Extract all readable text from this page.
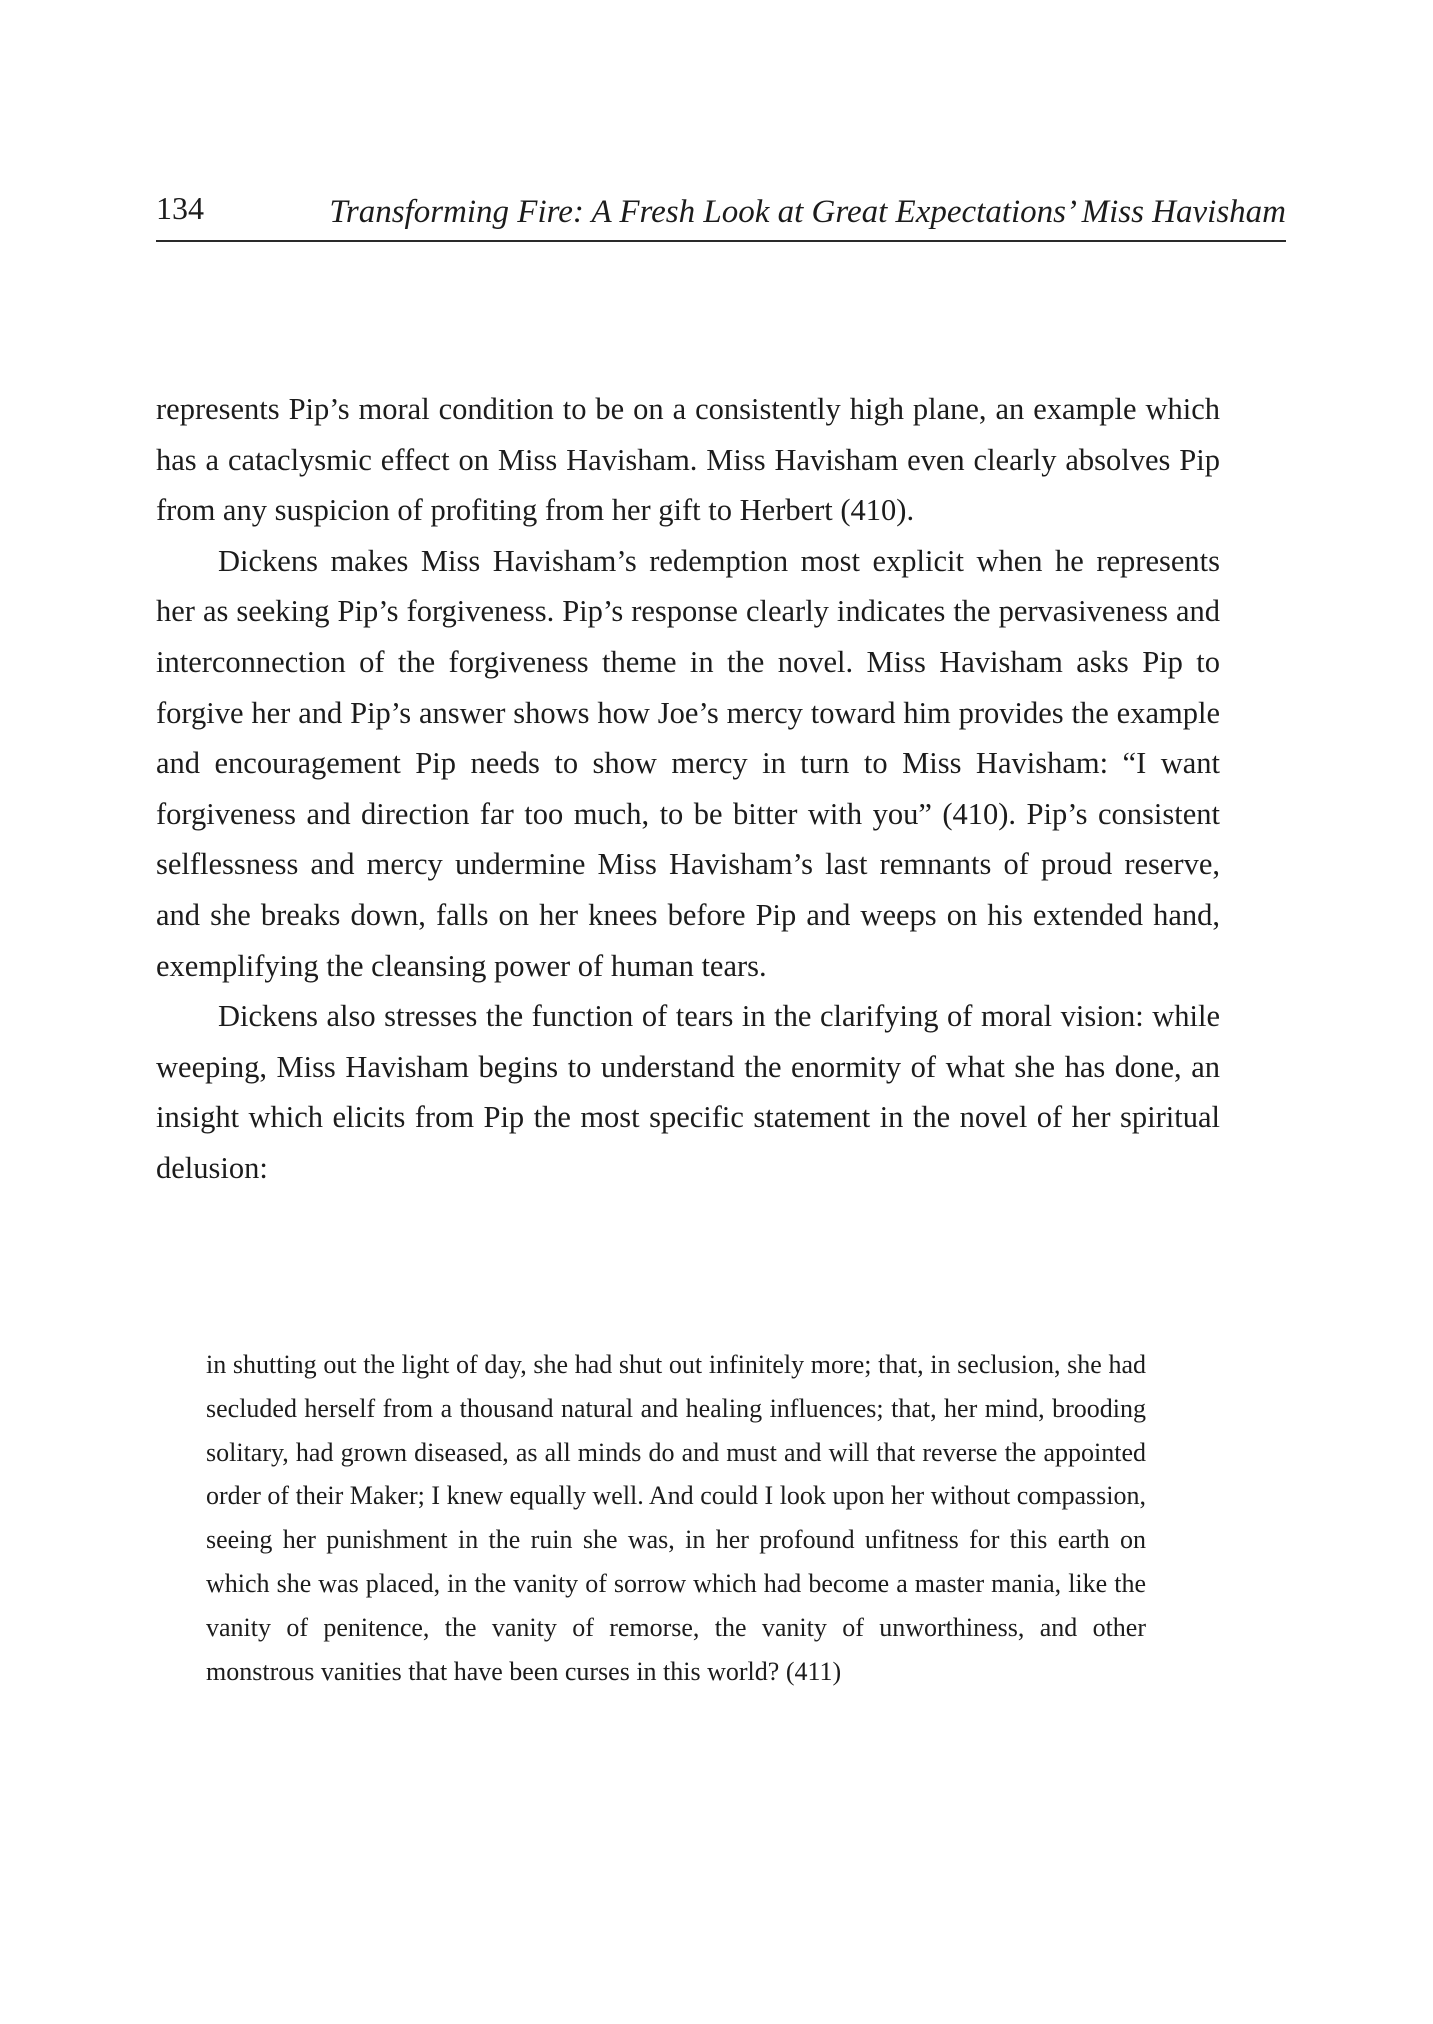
134	Transforming Fire: A Fresh Look at Great Expectations’ Miss Havisham

represents Pip’s moral condition to be on a consistently high plane, an example which has a cataclysmic effect on Miss Havisham. Miss Havisham even clearly absolves Pip from any suspicion of profiting from her gift to Herbert (410).

Dickens makes Miss Havisham’s redemption most explicit when he represents her as seeking Pip’s forgiveness. Pip’s response clearly indicates the pervasiveness and interconnection of the forgiveness theme in the novel. Miss Havisham asks Pip to forgive her and Pip’s answer shows how Joe’s mercy toward him provides the example and encouragement Pip needs to show mercy in turn to Miss Havisham: “I want forgiveness and direction far too much, to be bitter with you” (410). Pip’s consistent selflessness and mercy undermine Miss Havisham’s last remnants of proud reserve, and she breaks down, falls on her knees before Pip and weeps on his extended hand, exemplifying the cleansing power of human tears.

Dickens also stresses the function of tears in the clarifying of moral vision: while weeping, Miss Havisham begins to understand the enormity of what she has done, an insight which elicits from Pip the most specific statement in the novel of her spiritual delusion:

in shutting out the light of day, she had shut out infinitely more; that, in seclusion, she had secluded herself from a thousand natural and healing influences; that, her mind, brooding solitary, had grown diseased, as all minds do and must and will that reverse the appointed order of their Maker; I knew equally well. And could I look upon her without compassion, seeing her punishment in the ruin she was, in her profound unfitness for this earth on which she was placed, in the vanity of sorrow which had become a master mania, like the vanity of penitence, the vanity of remorse, the vanity of unworthiness, and other monstrous vanities that have been curses in this world? (411)
